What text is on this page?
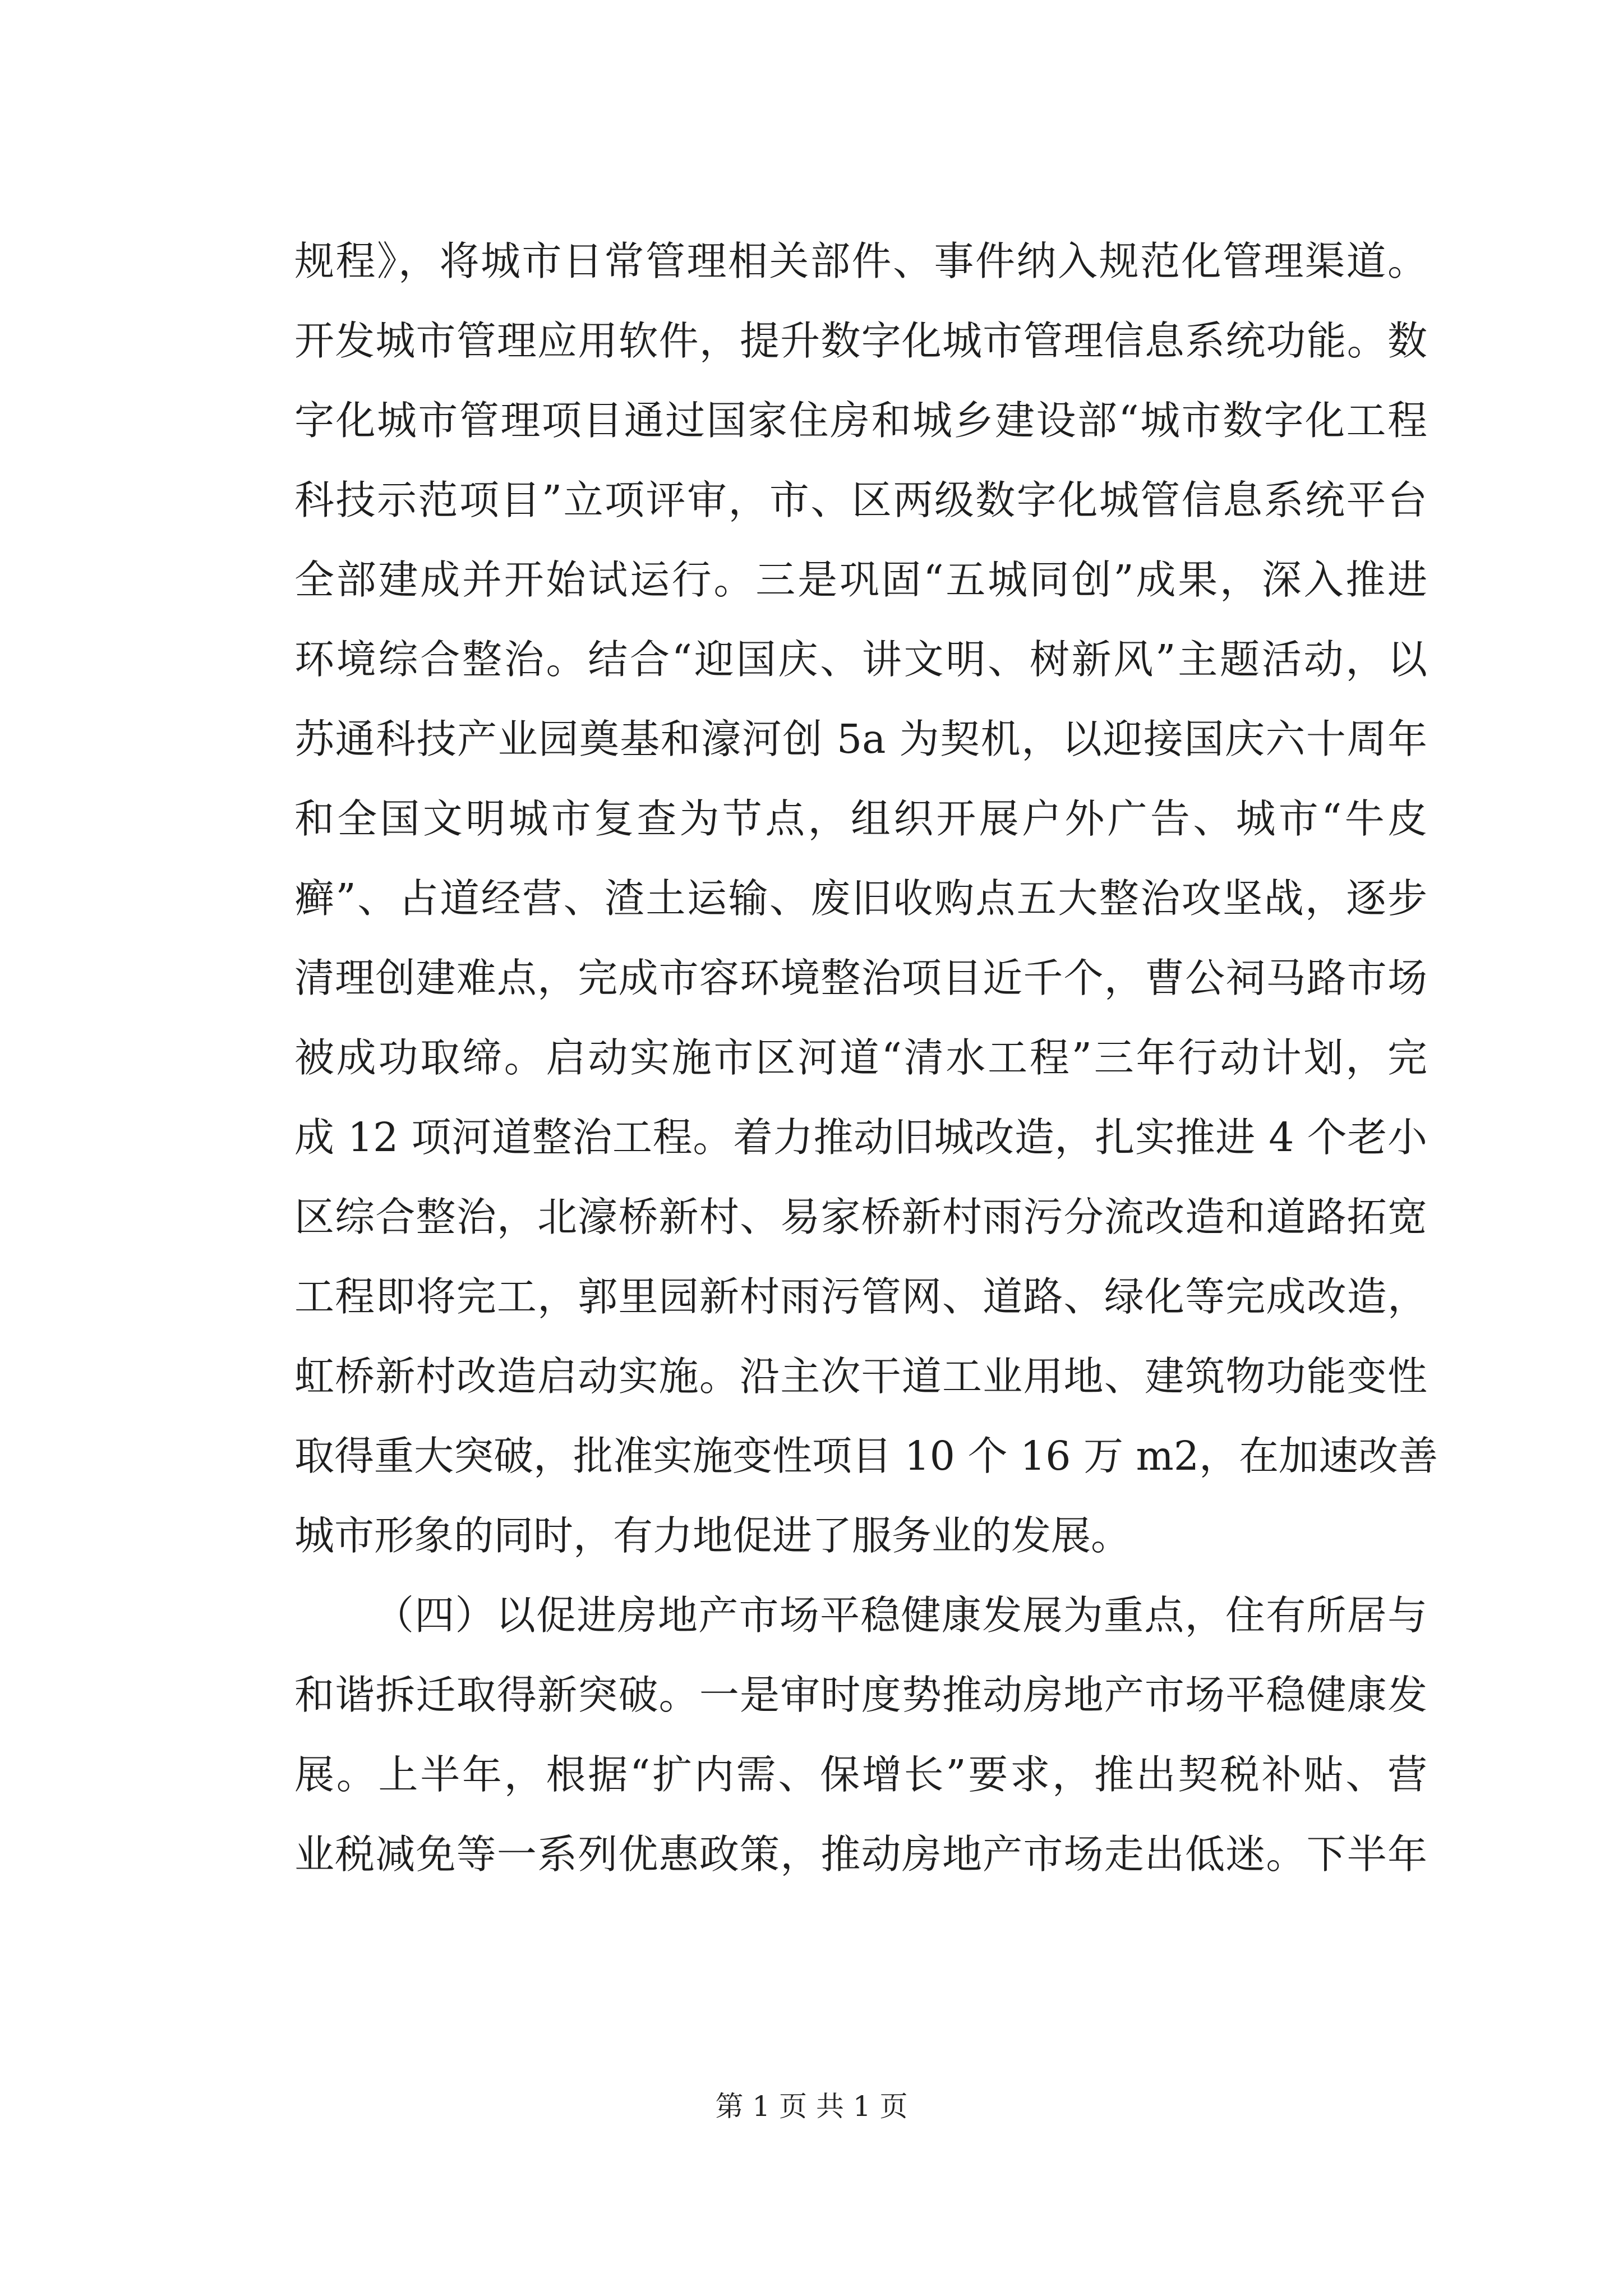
规程》，将城市日常管理相关部件、事件纳入规范化管理渠道。
开发城市管理应用软件，提升数字化城市管理信息系统功能。数
字化城市管理项目通过国家住房和城乡建设部“城市数字化工程
科技示范项目”立项评审，市、区两级数字化城管信息系统平台
全部建成并开始试运行。三是巩固“五城同创”成果，深入推进
环境综合整治。结合“迎国庆、讲文明、树新风”主题活动，以
苏通科技产业园奠基和濠河创 5a 为契机，以迎接国庆六十周年
和全国文明城市复查为节点，组织开展户外广告、城市“牛皮
癣”、占道经营、渣土运输、废旧收购点五大整治攻坚战，逐步
清理创建难点，完成市容环境整治项目近千个，曹公祠马路市场
被成功取缔。启动实施市区河道“清水工程”三年行动计划，完
成 12 项河道整治工程。着力推动旧城改造，扎实推进 4 个老小
区综合整治，北濠桥新村、易家桥新村雨污分流改造和道路拓宽
工程即将完工，郭里园新村雨污管网、道路、绿化等完成改造，
虹桥新村改造启动实施。沿主次干道工业用地、建筑物功能变性
取得重大突破，批准实施变性项目 10 个 16 万 m2，在加速改善
城市形象的同时，有力地促进了服务业的发展。
（四）以促进房地产市场平稳健康发展为重点，住有所居与
和谐拆迁取得新突破。一是审时度势推动房地产市场平稳健康发
展。上半年，根据“扩内需、保增长”要求，推出契税补贴、营
业税减免等一系列优惠政策，推动房地产市场走出低迷。下半年
第 1 页 共 1 页
